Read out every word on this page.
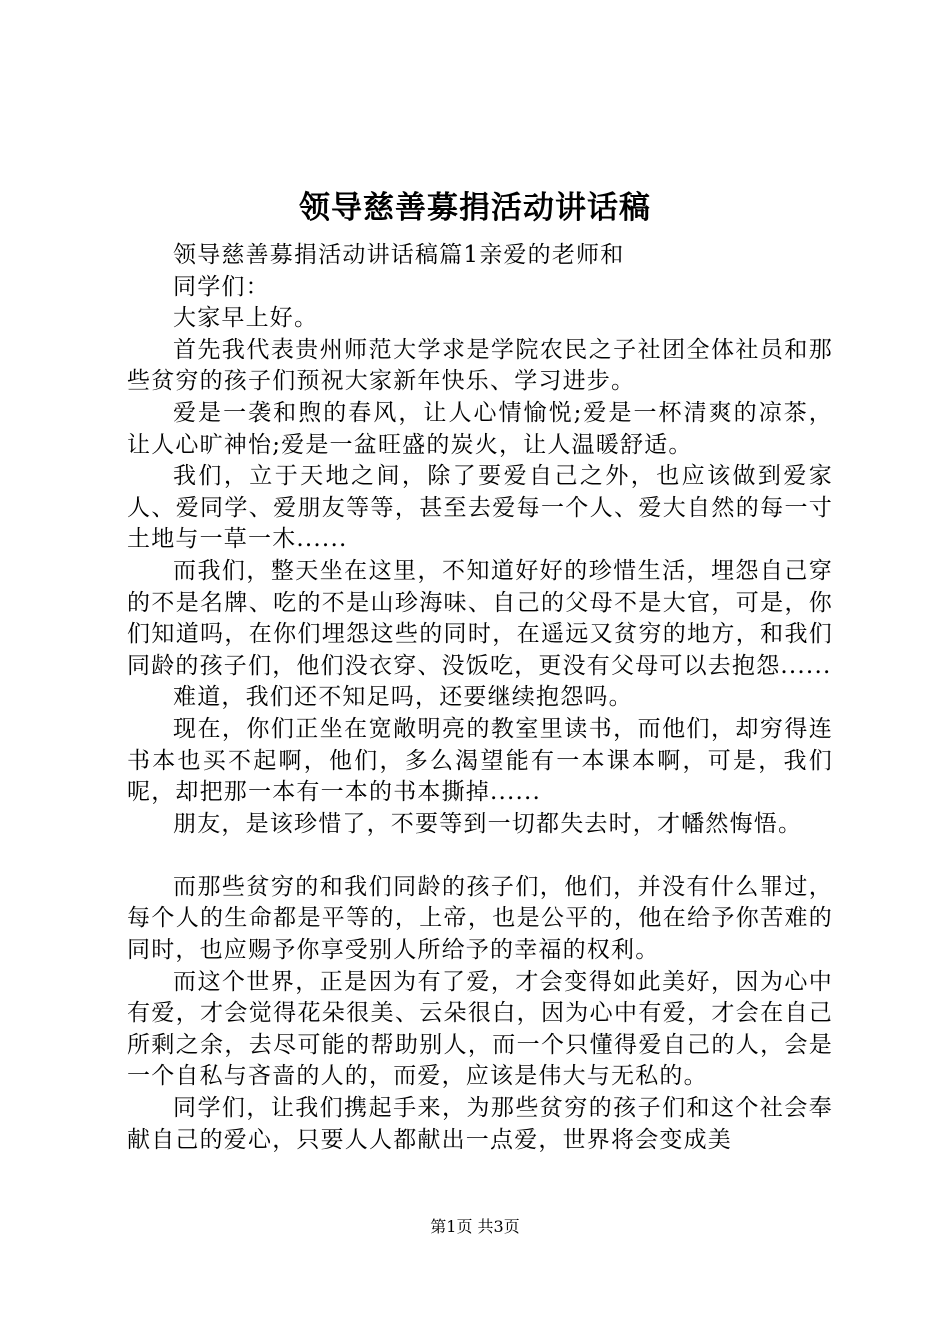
领导慈善募捐活动讲话稿

领导慈善募捐活动讲话稿篇1亲爱的老师和

同学们：

大家早上好。

首先我代表贵州师范大学求是学院农民之子社团全体社员和那些贫穷的孩子们预祝大家新年快乐、学习进步。

爱是一袭和煦的春风，让人心情愉悦;爱是一杯清爽的凉茶，让人心旷神怡;爱是一盆旺盛的炭火，让人温暖舒适。

我们，立于天地之间，除了要爱自己之外，也应该做到爱家人、爱同学、爱朋友等等，甚至去爱每一个人、爱大自然的每一寸土地与一草一木......

而我们，整天坐在这里，不知道好好的珍惜生活，埋怨自己穿的不是名牌、吃的不是山珍海味、自己的父母不是大官，可是，你们知道吗，在你们埋怨这些的同时，在遥远又贫穷的地方，和我们同龄的孩子们，他们没衣穿、没饭吃，更没有父母可以去抱怨......

难道，我们还不知足吗，还要继续抱怨吗。

现在，你们正坐在宽敞明亮的教室里读书，而他们，却穷得连书本也买不起啊，他们，多么渴望能有一本课本啊，可是，我们呢，却把那一本有一本的书本撕掉......

朋友，是该珍惜了，不要等到一切都失去时，才幡然悔悟。

而那些贫穷的和我们同龄的孩子们，他们，并没有什么罪过，每个人的生命都是平等的，上帝，也是公平的，他在给予你苦难的同时，也应赐予你享受别人所给予的幸福的权利。

而这个世界，正是因为有了爱，才会变得如此美好，因为心中有爱，才会觉得花朵很美、云朵很白，因为心中有爱，才会在自己所剩之余，去尽可能的帮助别人，而一个只懂得爱自己的人，会是一个自私与吝啬的人的，而爱，应该是伟大与无私的。

同学们，让我们携起手来，为那些贫穷的孩子们和这个社会奉献自己的爱心，只要人人都献出一点爱，世界将会变成美

第1页 共3页
